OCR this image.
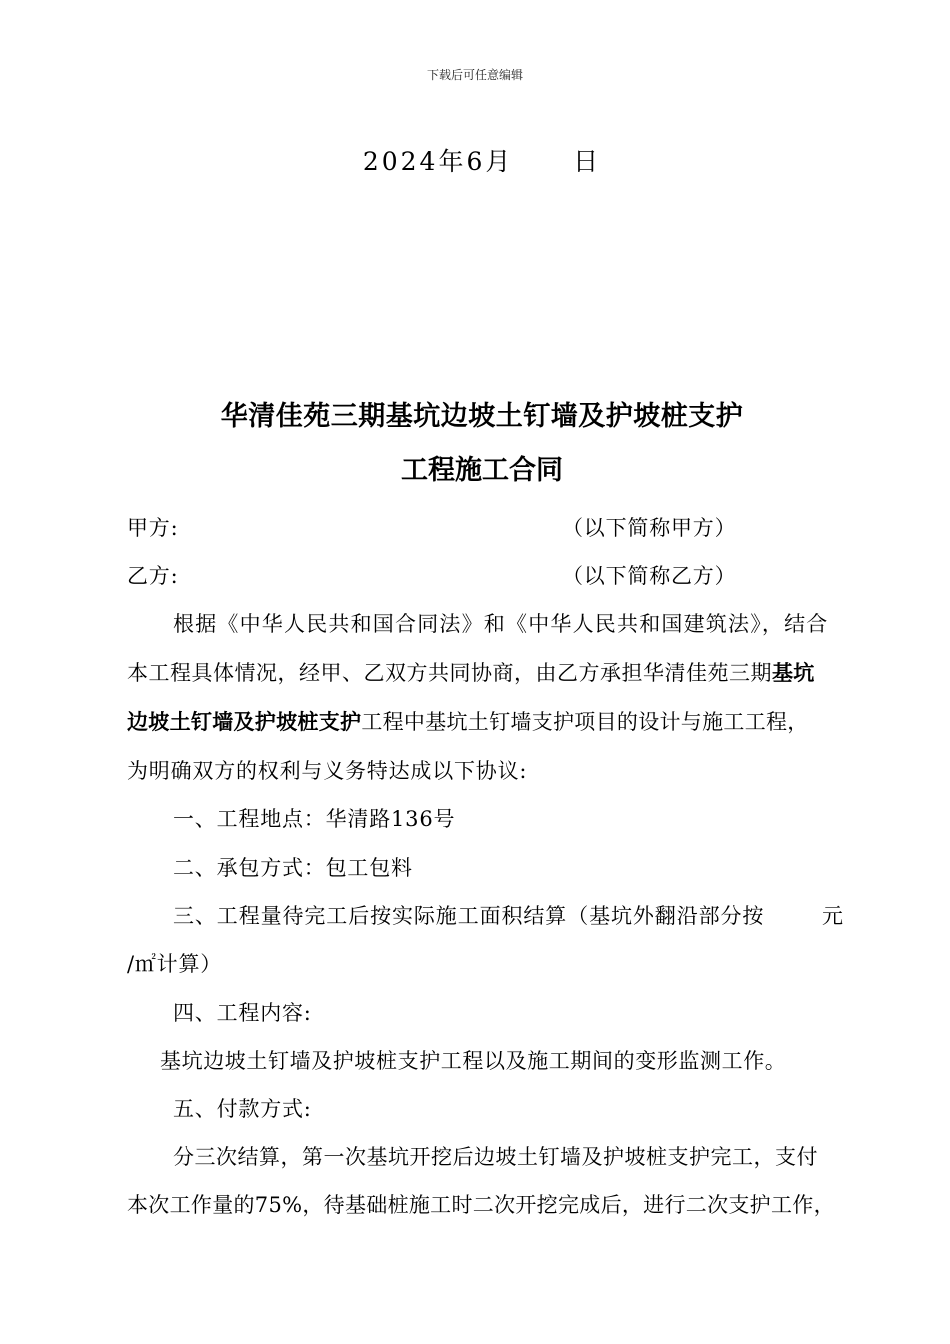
下载后可任意编辑
2024年6月    日
华清佳苑三期基坑边坡土钉墙及护坡桩支护
工程施工合同
甲方:	（以下简称甲方）
乙方:	（以下简称乙方）
根据《中华人民共和国合同法》和《中华人民共和国建筑法》，结合
本工程具体情况，经甲、乙双方共同协商，由乙方承担华清佳苑三期基坑
边坡土钉墙及护坡桩支护工程中基坑土钉墙支护项目的设计与施工工程，
为明确双方的权利与义务特达成以下协议:
一、工程地点：华清路136号
二、承包方式：包工包料
三、工程量待完工后按实际施工面积结算（基坑外翻沿部分按	元
/㎡计算）
四、工程内容:
基坑边坡土钉墙及护坡桩支护工程以及施工期间的变形监测工作。
五、付款方式:
分三次结算，第一次基坑开挖后边坡土钉墙及护坡桩支护完工，支付
本次工作量的75%，待基础桩施工时二次开挖完成后，进行二次支护工作，
